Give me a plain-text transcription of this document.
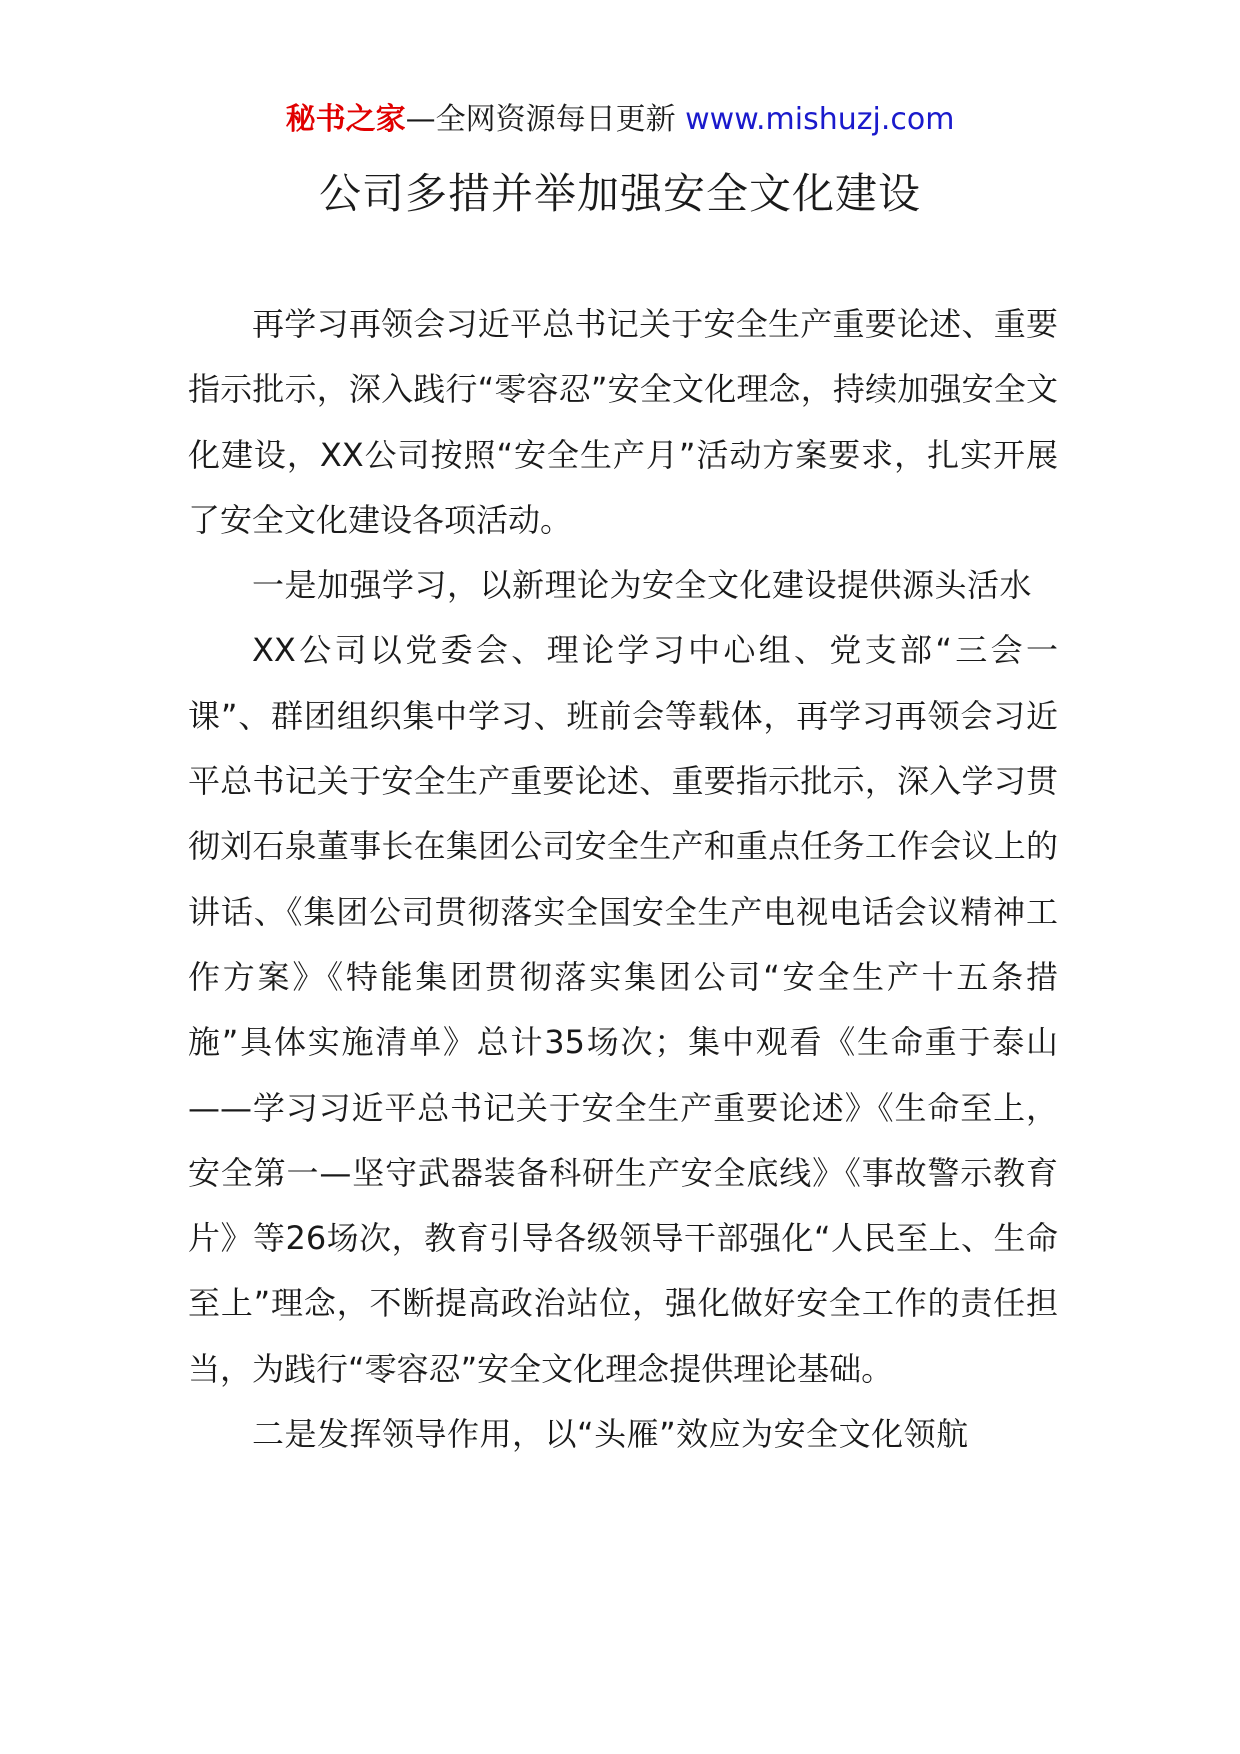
秘书之家—全网资源每日更新 www.mishuzj.com
公司多措并举加强安全文化建设

再学习再领会习近平总书记关于安全生产重要论述、重要指示批示，深入践行“零容忍”安全文化理念，持续加强安全文化建设，XX公司按照“安全生产月”活动方案要求，扎实开展了安全文化建设各项活动。

一是加强学习，以新理论为安全文化建设提供源头活水

XX公司以党委会、理论学习中心组、党支部“三会一课”、群团组织集中学习、班前会等载体，再学习再领会习近平总书记关于安全生产重要论述、重要指示批示，深入学习贯彻刘石泉董事长在集团公司安全生产和重点任务工作会议上的讲话、《集团公司贯彻落实全国安全生产电视电话会议精神工作方案》《特能集团贯彻落实集团公司“安全生产十五条措施”具体实施清单》总计35场次；集中观看《生命重于泰山——学习习近平总书记关于安全生产重要论述》《生命至上，安全第一—坚守武器装备科研生产安全底线》《事故警示教育片》等26场次，教育引导各级领导干部强化“人民至上、生命至上”理念，不断提高政治站位，强化做好安全工作的责任担当，为践行“零容忍”安全文化理念提供理论基础。

二是发挥领导作用，以“头雁”效应为安全文化领航
